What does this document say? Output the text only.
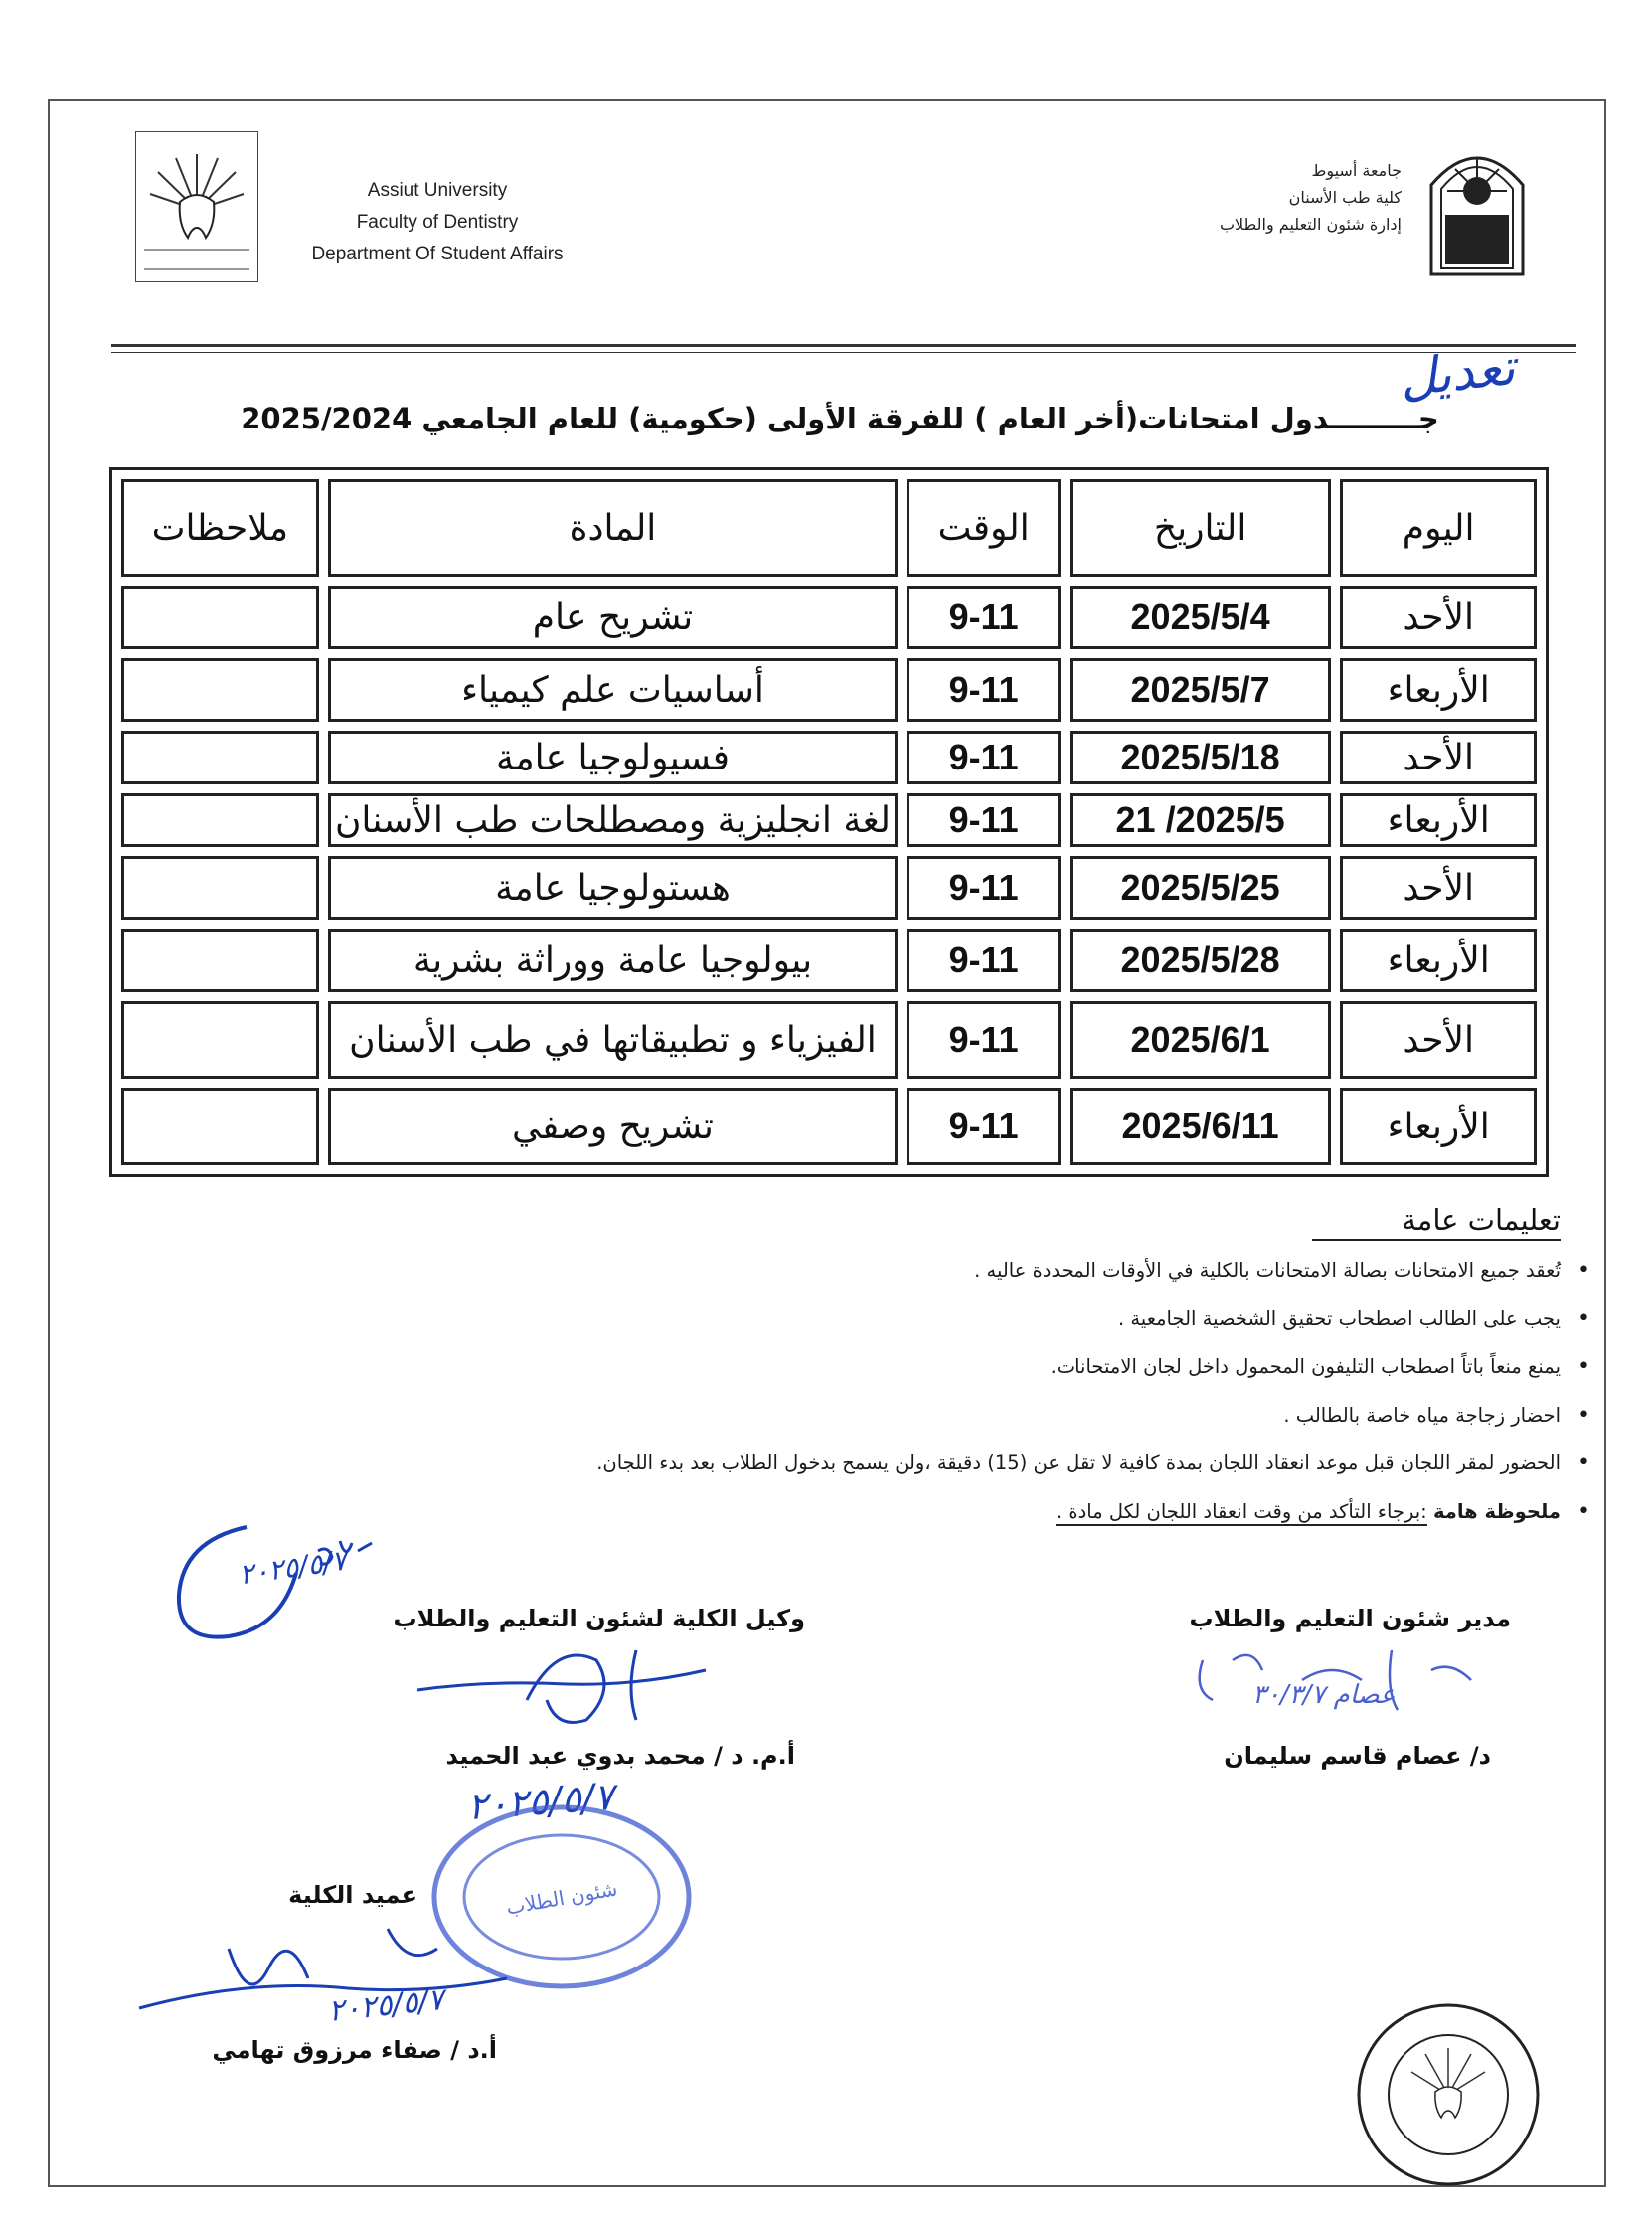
Assiut University
Faculty of Dentistry
Department Of Student Affairs
جامعة أسيوط
كلية طب الأسنان
إدارة شئون التعليم والطلاب
تعديل
جـــــــــدول امتحانات(أخر العام ) للفرقة الأولى (حكومية) للعام الجامعي 2025/2024
اليوم	التاريخ	الوقت	المادة	ملاحظات
الأحد	2025/5/4	9-11	تشريح عام	
الأربعاء	2025/5/7	9-11	أساسيات علم كيمياء	
الأحد	2025/5/18	9-11	فسيولوجيا عامة	
الأربعاء	2025/5/ 21	9-11	لغة انجليزية ومصطلحات طب الأسنان	
الأحد	2025/5/25	9-11	هستولوجيا عامة	
الأربعاء	2025/5/28	9-11	بيولوجيا عامة ووراثة بشرية	
الأحد	2025/6/1	9-11	الفيزياء و تطبيقاتها في طب الأسنان	
الأربعاء	2025/6/11	9-11	تشريح وصفي	
تعليمات عامة
• تُعقد جميع الامتحانات بصالة الامتحانات بالكلية في الأوقات المحددة عاليه .
• يجب على الطالب اصطحاب تحقيق الشخصية الجامعية .
• يمنع منعاً باتاً اصطحاب التليفون المحمول داخل لجان الامتحانات.
• احضار زجاجة مياه خاصة بالطالب .
• الحضور لمقر اللجان قبل موعد انعقاد اللجان بمدة كافية لا تقل عن (15) دقيقة ،ولن يسمح بدخول الطلاب بعد بدء اللجان.
• ملحوظة هامة :برجاء التأكد من وقت انعقاد اللجان لكل مادة .
وكيل الكلية لشئون التعليم والطلاب
أ.م. د / محمد بدوي عبد الحميد
مدير شئون التعليم والطلاب
د/ عصام قاسم سليمان
عميد الكلية
أ.د / صفاء مرزوق تهامي
٢٠٢٥/٥/٧
عصام ٣٠/٣/٧
٢٠٢٥/٥/٧
شئون الطلاب
٢٠٢٥/٥/٧
